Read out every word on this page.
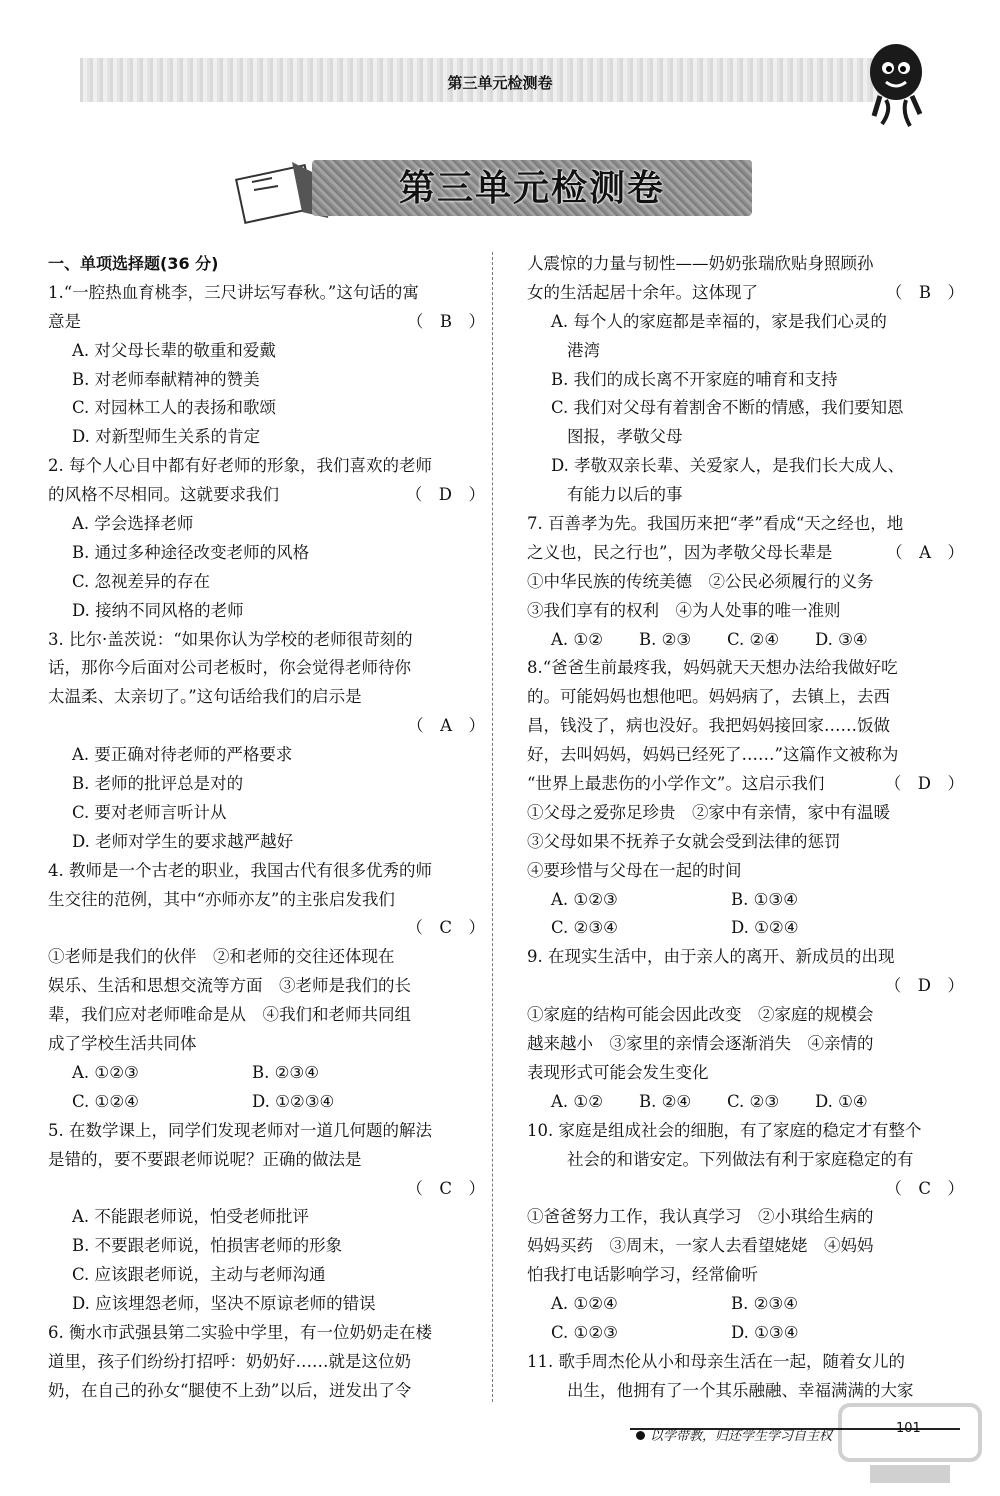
第三单元检测卷
第三单元检测卷
一、单项选择题(36 分)
1.“一腔热血育桃李，三尺讲坛写春秋。”这句话的寓
意是	（　B　）
A. 对父母长辈的敬重和爱戴
B. 对老师奉献精神的赞美
C. 对园林工人的表扬和歌颂
D. 对新型师生关系的肯定
2. 每个人心目中都有好老师的形象，我们喜欢的老师
的风格不尽相同。这就要求我们	（　D　）
A. 学会选择老师
B. 通过多种途径改变老师的风格
C. 忽视差异的存在
D. 接纳不同风格的老师
3. 比尔·盖茨说：“如果你认为学校的老师很苛刻的
话，那你今后面对公司老板时，你会觉得老师待你
太温柔、太亲切了。”这句话给我们的启示是
（　A　）
A. 要正确对待老师的严格要求
B. 老师的批评总是对的
C. 要对老师言听计从
D. 老师对学生的要求越严越好
4. 教师是一个古老的职业，我国古代有很多优秀的师
生交往的范例，其中“亦师亦友”的主张启发我们
（　C　）
①老师是我们的伙伴　②和老师的交往还体现在
娱乐、生活和思想交流等方面　③老师是我们的长
辈，我们应对老师唯命是从　④我们和老师共同组
成了学校生活共同体
A. ①②③	B. ②③④
C. ①②④	D. ①②③④
5. 在数学课上，同学们发现老师对一道几何题的解法
是错的，要不要跟老师说呢？正确的做法是
（　C　）
A. 不能跟老师说，怕受老师批评
B. 不要跟老师说，怕损害老师的形象
C. 应该跟老师说，主动与老师沟通
D. 应该埋怨老师，坚决不原谅老师的错误
6. 衡水市武强县第二实验中学里，有一位奶奶走在楼
道里，孩子们纷纷打招呼：奶奶好……就是这位奶
奶，在自己的孙女“腿使不上劲”以后，迸发出了令
人震惊的力量与韧性——奶奶张瑞欣贴身照顾孙
女的生活起居十余年。这体现了	（　B　）
A. 每个人的家庭都是幸福的，家是我们心灵的
港湾
B. 我们的成长离不开家庭的哺育和支持
C. 我们对父母有着割舍不断的情感，我们要知恩
图报，孝敬父母
D. 孝敬双亲长辈、关爱家人，是我们长大成人、
有能力以后的事
7. 百善孝为先。我国历来把“孝”看成“天之经也，地
之义也，民之行也”，因为孝敬父母长辈是	（　A　）
①中华民族的传统美德　②公民必须履行的义务
③我们享有的权利　④为人处事的唯一准则
A. ①② B. ②③ C. ②④ D. ③④
8.“爸爸生前最疼我，妈妈就天天想办法给我做好吃
的。可能妈妈也想他吧。妈妈病了，去镇上，去西
昌，钱没了，病也没好。我把妈妈接回家……饭做
好，去叫妈妈，妈妈已经死了……”这篇作文被称为
“世界上最悲伤的小学作文”。这启示我们	（　D　）
①父母之爱弥足珍贵　②家中有亲情，家中有温暖
③父母如果不抚养子女就会受到法律的惩罚
④要珍惜与父母在一起的时间
A. ①②③	B. ①③④
C. ②③④	D. ①②④
9. 在现实生活中，由于亲人的离开、新成员的出现
（　D　）
①家庭的结构可能会因此改变　②家庭的规模会
越来越小　③家里的亲情会逐渐消失　④亲情的
表现形式可能会发生变化
A. ①② B. ②④ C. ②③ D. ①④
10. 家庭是组成社会的细胞，有了家庭的稳定才有整个
社会的和谐安定。下列做法有利于家庭稳定的有
（　C　）
①爸爸努力工作，我认真学习　②小琪给生病的
妈妈买药　③周末，一家人去看望姥姥　④妈妈
怕我打电话影响学习，经常偷听
A. ①②④	B. ②③④
C. ①②③	D. ①③④
11. 歌手周杰伦从小和母亲生活在一起，随着女儿的
出生，他拥有了一个其乐融融、幸福满满的大家
以学带教，归还学生学习自主权
101
